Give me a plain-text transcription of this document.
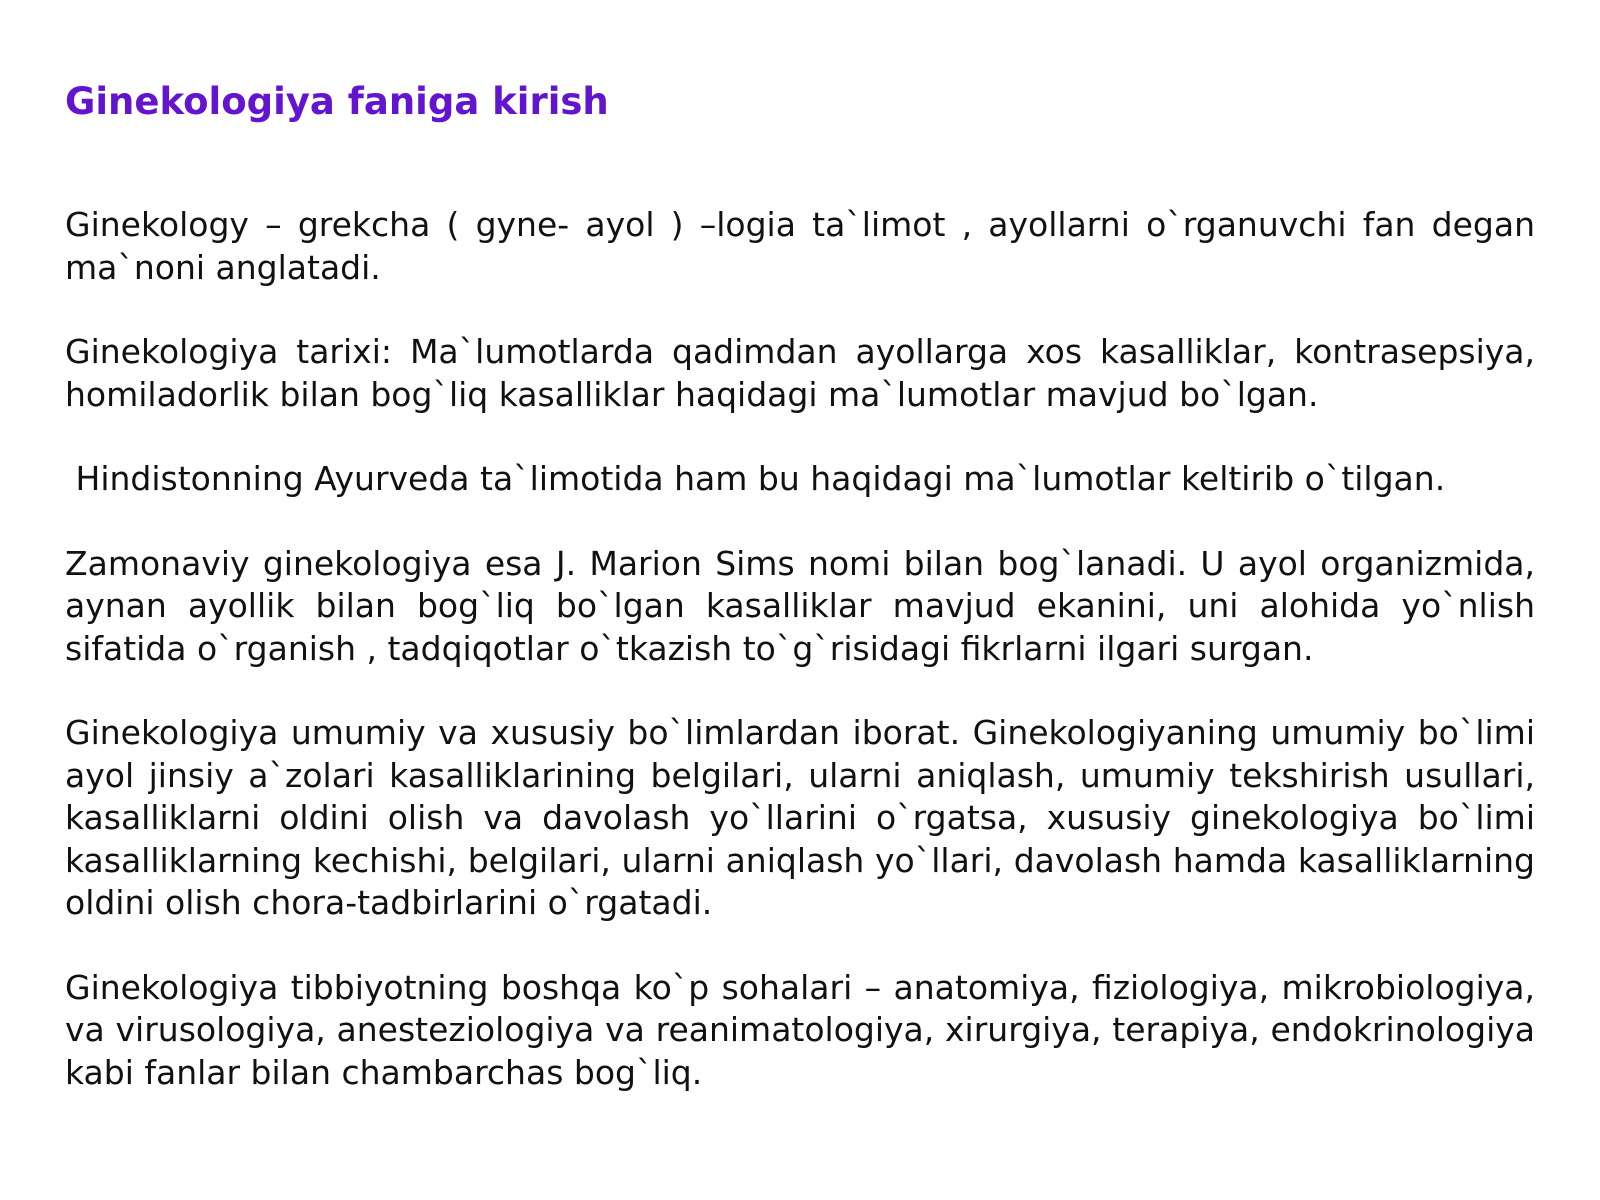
Ginekologiya faniga kirish

Ginekology – grekcha ( gyne- ayol ) –logia ta`limot , ayollarni o`rganuvchi fan degan ma`noni anglatadi.

Ginekologiya tarixi: Ma`lumotlarda qadimdan ayollarga xos kasalliklar, kontrasepsiya, homiladorlik bilan bog`liq kasalliklar haqidagi ma`lumotlar mavjud bo`lgan.

Hindistonning Ayurveda ta`limotida ham bu haqidagi ma`lumotlar keltirib o`tilgan.

Zamonaviy ginekologiya esa J. Marion Sims nomi bilan bog`lanadi. U ayol organizmida, aynan ayollik bilan bog`liq bo`lgan kasalliklar mavjud ekanini, uni alohida yo`nlish sifatida o`rganish , tadqiqotlar o`tkazish to`g`risidagi fikrlarni ilgari surgan.

Ginekologiya umumiy va xususiy bo`limlardan iborat. Ginekologiyaning umumiy bo`limi ayol jinsiy a`zolari kasalliklarining belgilari, ularni aniqlash, umumiy tekshirish usullari, kasalliklarni oldini olish va davolash yo`llarini o`rgatsa, xususiy ginekologiya bo`limi kasalliklarning kechishi, belgilari, ularni aniqlash yo`llari, davolash hamda kasalliklarning oldini olish chora-tadbirlarini o`rgatadi.

Ginekologiya tibbiyotning boshqa ko`p sohalari – anatomiya, fiziologiya, mikrobiologiya, va virusologiya, anesteziologiya va reanimatologiya, xirurgiya, terapiya, endokrinologiya kabi fanlar bilan chambarchas bog`liq.
